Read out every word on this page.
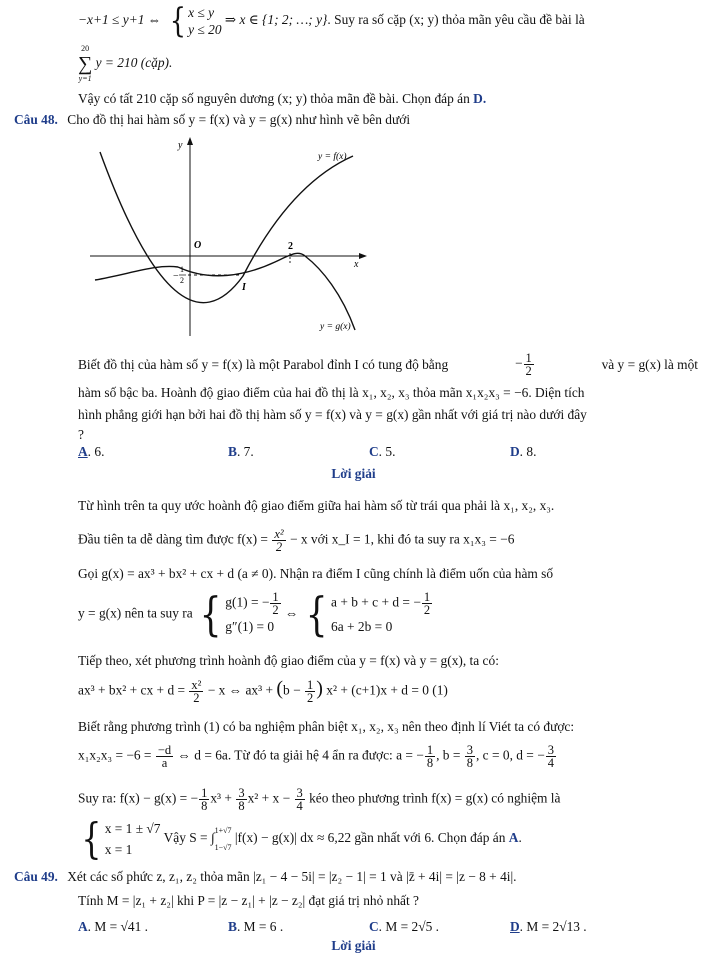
−x+1 ≤ y+1 ⇔ { x ≤ y
y ≤ 20
⇒ x ∈ {1; 2; …; y}. Suy ra số cặp (x; y) thỏa mãn yêu cầu đề bài là
20
∑
y=1
y = 210 (cặp).
Vậy có tất 210 cặp số nguyên dương (x; y) thỏa mãn đề bài. Chọn đáp án D.
Câu 48. Cho đồ thị hai hàm số y = f(x) và y = g(x) như hình vẽ bên dưới
y = f(x)
y = g(x)
y
x
O	2
−
1
2
I
Biết đồ thị của hàm số y = f(x) là một Parabol đỉnh I có tung độ bằng	− $\frac{1}{2}$	và y = g(x) là một
hàm số bậc ba. Hoành độ giao điểm của hai đồ thị là x₁, x₂, x₃ thỏa mãn x₁x₂x₃ = −6. Diện tích
hình phẳng giới hạn bởi hai đồ thị hàm số y = f(x) và y = g(x) gần nhất với giá trị nào dưới đây
?
A. 6.	B. 7.	C. 5.	D. 8.
Lời giải
Từ hình trên ta quy ước hoành độ giao điểm giữa hai hàm số từ trái qua phải là x₁, x₂, x₃.
Đầu tiên ta dễ dàng tìm được $f(x) = \frac{\text{x²}}{2} - x$ với x_I = 1, khi đó ta suy ra x₁x₃ = −6
Gọi g(x) = ax³ + bx² + cx + d (a ≠ 0). Nhận ra điểm I cũng chính là điểm uốn của hàm số
y = g(x) nên ta suy ra { g(1) = − $\frac{1}{2}$
g″(1) = 0
⇔ { a + b + c + d = − $\frac{1}{2}$
6a + 2b = 0
Tiếp theo, xét phương trình hoành độ giao điểm của y = f(x) và y = g(x), ta có:
ax³ + bx² + cx + $d = \frac{\text{x²}}{2} - x$ ⇔ $ax^3 + (b - \frac{1}{2}$ ) x² + (c+1)x + d = 0 (1)
Biết rằng phương trình (1) có ba nghiệm phân biệt x₁, x₂, x₃ nên theo định lí Viét ta có được:
$x_1x_2x_3 = -6 = \frac{-d}{a}$ ⇔ d = 6a. Từ đó ta giải hệ 4 ẩn ra được: a = − $\frac{1}{8}$ , $b = \frac{3}{8}$ , c = 0, d = − $\frac{3}{4}$
Suy ra: f(x) − g(x) = − $\frac{1}{8} x^3 + \frac{3}{8} x^2 + x - \frac{3}{4}$ kéo theo phương trình f(x) = g(x) có nghiệm là
{ x = 1 ± √7
x = 1
Vậy S = ∫ 1+√7
1−√7
|f(x) − g(x)| dx ≈ 6,22 gần nhất với 6. Chọn đáp án A.
Câu 49. Xét các số phức z, z₁, z₂ thỏa mãn |z₁ − 4 − 5i| = |z₂ − 1| = 1 và |z̄ + 4i| = |z − 8 + 4i|.
Tính M = |z₁ + z₂| khi P = |z − z₁| + |z − z₂| đạt giá trị nhỏ nhất ?
A. M = √41 .	B. M = 6 .	C. M = 2√5 .	D. M = 2√13 .
Lời giải
